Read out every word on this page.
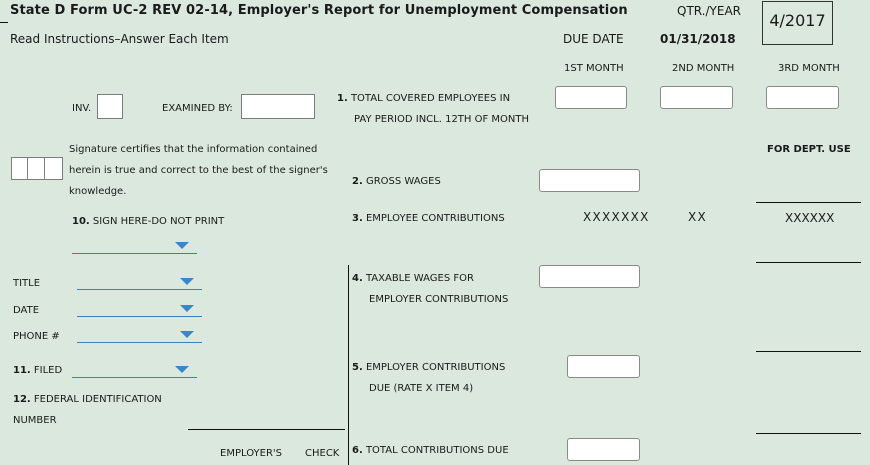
State D Form UC-2 REV 02-14, Employer's Report for Unemployment Compensation	QTR./YEAR	4/2017
Read Instructions–Answer Each Item	DUE DATE	01/31/2018
1ST MONTH	2ND MONTH	3RD MONTH
INV.	EXAMINED BY:
1. TOTAL COVERED EMPLOYEES IN
PAY PERIOD INCL. 12TH OF MONTH
Signature certifies that the information contained
herein is true and correct to the best of the signer's
knowledge.
10. SIGN HERE-DO NOT PRINT
FOR DEPT. USE
2. GROSS WAGES
3. EMPLOYEE CONTRIBUTIONS	XXXXXXX	XX	XXXXXX
TITLE
DATE
PHONE #
4. TAXABLE WAGES FOR
EMPLOYER CONTRIBUTIONS
11. FILED	5. EMPLOYER CONTRIBUTIONS
DUE (RATE X ITEM 4)
12. FEDERAL IDENTIFICATION
NUMBER
EMPLOYER'S CHECK 6. TOTAL CONTRIBUTIONS DUE
